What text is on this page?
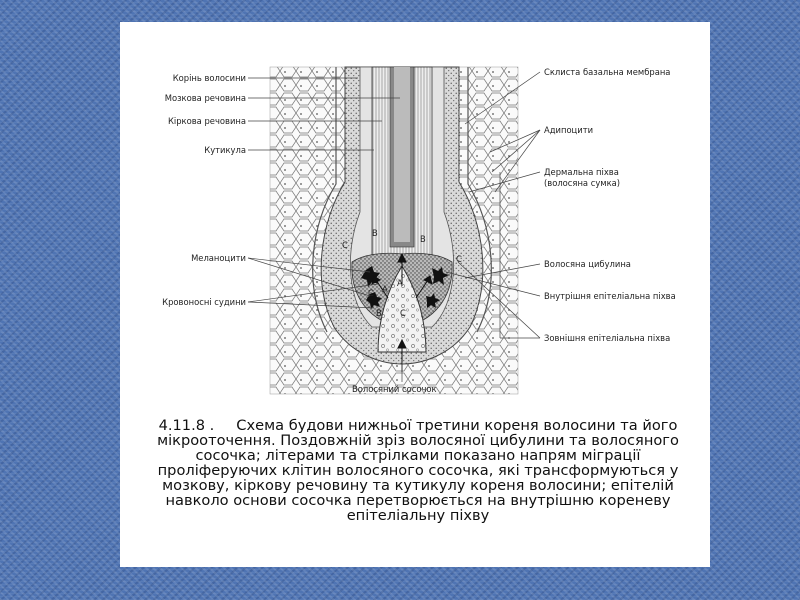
C
B
B
C
A
A
C
B C
Корінь волосини
Мозкова речовина
Кіркова речовина
Кутикула
Меланоцити
Кровоносні судини
Склиста базальна мембрана
Адипоцити
Дермальна піхва
(волосяна сумка)
Волосяна цибулина
Внутрішня епітеліальна піхва
Зовнішня епітеліальна піхва
Волосяний сосочок

4.11.8 . Схема будови нижньої третини кореня волосини та його мікрооточення. Поздовжній зріз волосяної цибулини та волосяного сосочка; літерами та стрілками показано напрям міграції проліферуючих клітин волосяного сосочка, які трансформуються у мозкову, кіркову речовину та кутикулу кореня волосини; епітелій навколо основи сосочка перетворюється на внутрішню кореневу епітеліальну піхву
